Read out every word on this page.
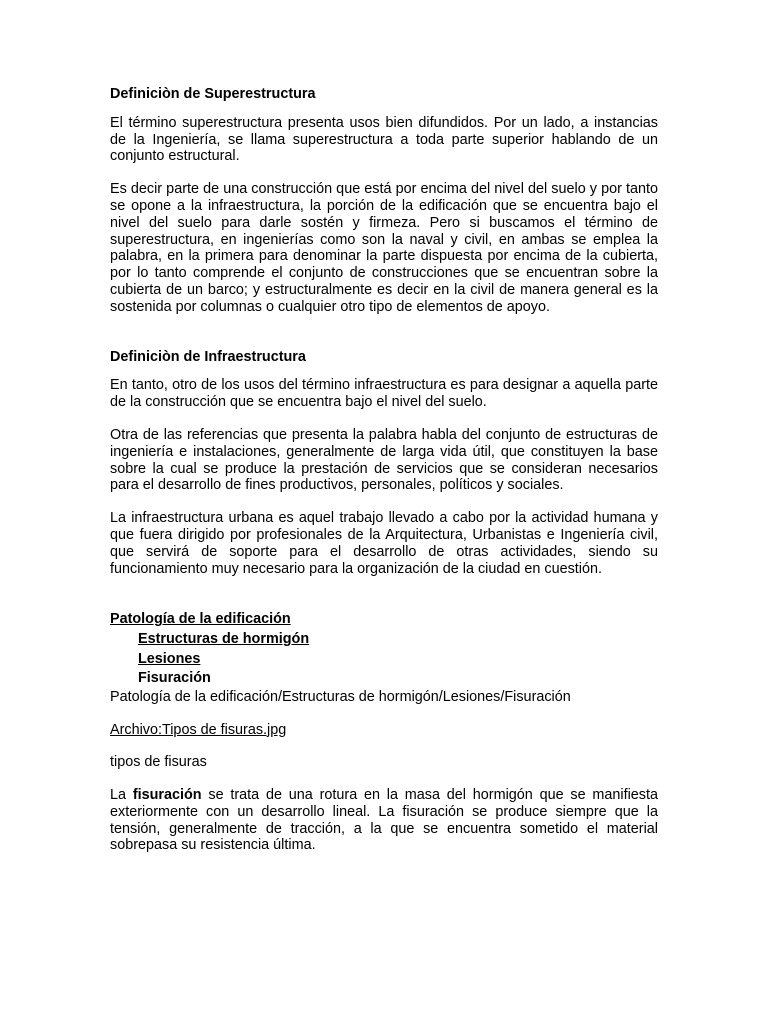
Definiciòn de Superestructura

El término superestructura presenta usos bien difundidos. Por un lado, a instancias de la Ingeniería, se llama superestructura a toda parte superior hablando de un conjunto estructural.

Es decir parte de una construcción que está por encima del nivel del suelo y por tanto se opone a la infraestructura, la porción de la edificación que se encuentra bajo el nivel del suelo para darle sostén y firmeza. Pero si buscamos el término de superestructura, en ingenierías como son la naval y civil, en ambas se emplea la palabra, en la primera para denominar la parte dispuesta por encima de la cubierta, por lo tanto comprende el conjunto de construcciones que se encuentran sobre la cubierta de un barco; y estructuralmente es decir en la civil de manera general es la sostenida por columnas o cualquier otro tipo de elementos de apoyo.

Definiciòn de Infraestructura

En tanto, otro de los usos del término infraestructura es para designar a aquella parte de la construcción que se encuentra bajo el nivel del suelo.

Otra de las referencias que presenta la palabra habla del conjunto de estructuras de ingeniería e instalaciones, generalmente de larga vida útil, que constituyen la base sobre la cual se produce la prestación de servicios que se consideran necesarios para el desarrollo de fines productivos, personales, políticos y sociales.

La infraestructura urbana es aquel trabajo llevado a cabo por la actividad humana y que fuera dirigido por profesionales de la Arquitectura, Urbanistas e Ingeniería civil, que servirá de soporte para el desarrollo de otras actividades, siendo su funcionamiento muy necesario para la organización de la ciudad en cuestión.

Patología de la edificación
Estructuras de hormigón
Lesiones
Fisuración

Patología de la edificación/Estructuras de hormigón/Lesiones/Fisuración

Archivo:Tipos de fisuras.jpg

tipos de fisuras

La fisuración se trata de una rotura en la masa del hormigón que se manifiesta exteriormente con un desarrollo lineal. La fisuración se produce siempre que la tensión, generalmente de tracción, a la que se encuentra sometido el material sobrepasa su resistencia última.
